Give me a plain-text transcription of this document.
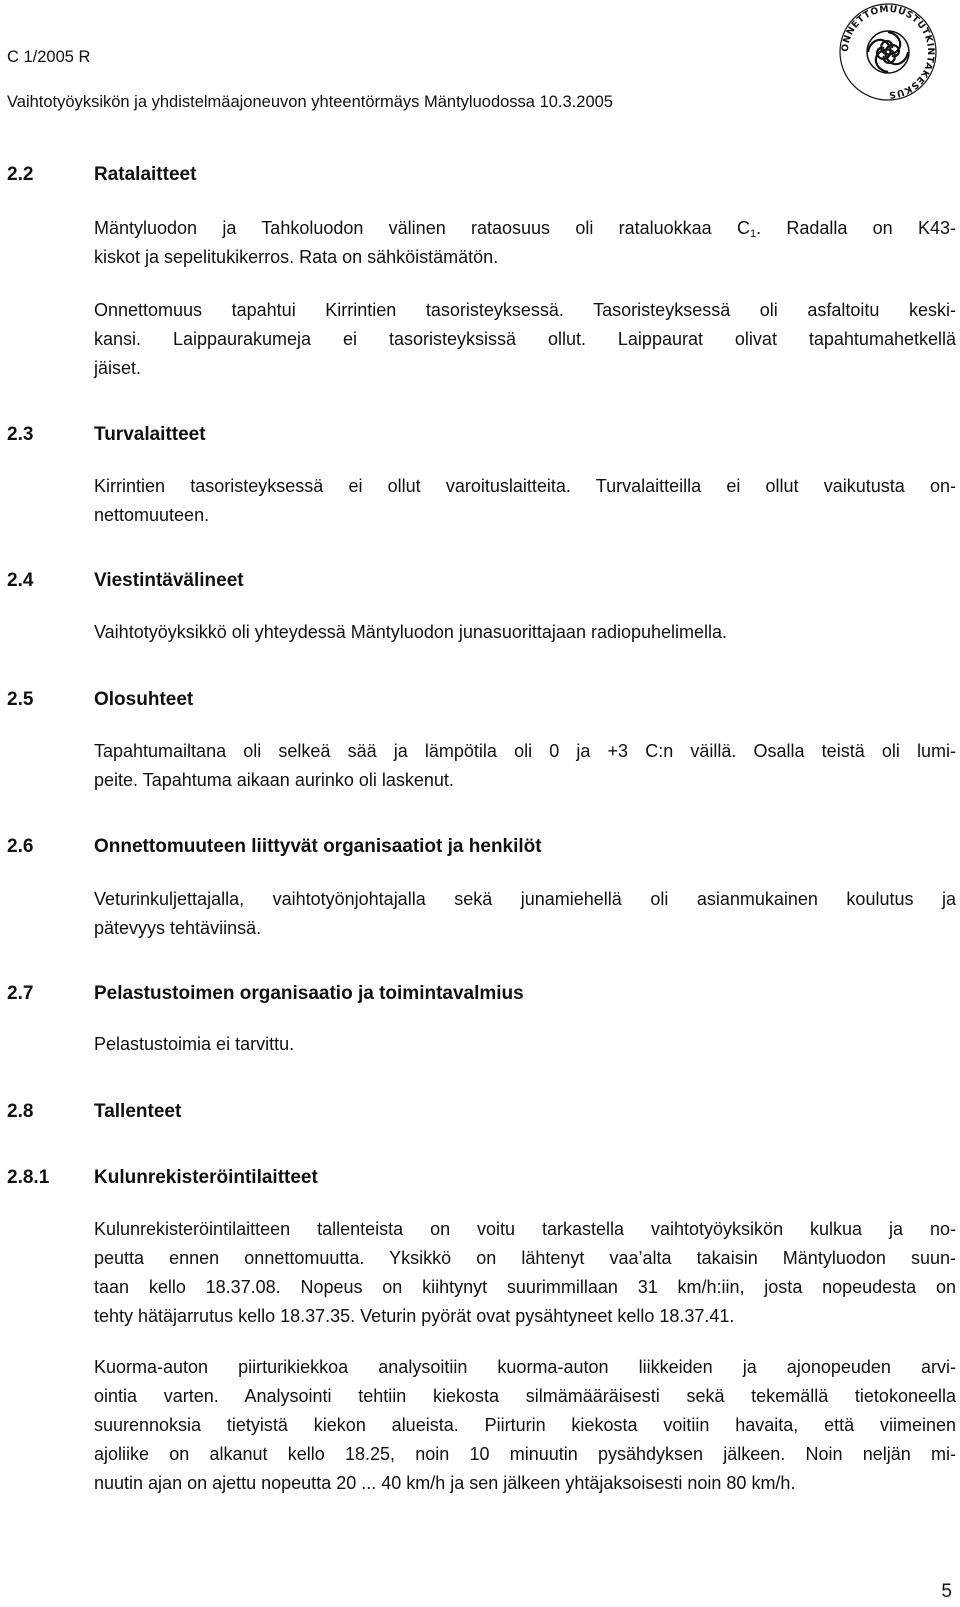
C 1/2005 R
Vaihtotyöyksikön ja yhdistelmäajoneuvon yhteentörmäys Mäntyluodossa 10.3.2005
ONNETTOMUUSTUTKINTAKESKUS
2.2	Ratalaitteet
Mäntyluodon ja Tahkoluodon välinen rataosuus oli rataluokkaa $C_1$. Radalla on K43-
kiskot ja sepelitukikerros. Rata on sähköistämätön.
Onnettomuus tapahtui Kirrintien tasoristeyksessä. Tasoristeyksessä oli asfaltoitu keski-
kansi. Laippaurakumeja ei tasoristeyksissä ollut. Laippaurat olivat tapahtumahetkellä
jäiset.
2.3	Turvalaitteet
Kirrintien tasoristeyksessä ei ollut varoituslaitteita. Turvalaitteilla ei ollut vaikutusta on-
nettomuuteen.
2.4	Viestintävälineet
Vaihtotyöyksikkö oli yhteydessä Mäntyluodon junasuorittajaan radiopuhelimella.
2.5	Olosuhteet
Tapahtumailtana oli selkeä sää ja lämpötila oli 0 ja +3 C:n väillä. Osalla teistä oli lumi-
peite. Tapahtuma aikaan aurinko oli laskenut.
2.6	Onnettomuuteen liittyvät organisaatiot ja henkilöt
Veturinkuljettajalla, vaihtotyönjohtajalla sekä junamiehellä oli asianmukainen koulutus ja
pätevyys tehtäviinsä.
2.7	Pelastustoimen organisaatio ja toimintavalmius
Pelastustoimia ei tarvittu.
2.8	Tallenteet
2.8.1 Kulunrekisteröintilaitteet
Kulunrekisteröintilaitteen tallenteista on voitu tarkastella vaihtotyöyksikön kulkua ja no-
peutta ennen onnettomuutta. Yksikkö on lähtenyt vaa’alta takaisin Mäntyluodon suun-
taan kello 18.37.08. Nopeus on kiihtynyt suurimmillaan 31 km/h:iin, josta nopeudesta on
tehty hätäjarrutus kello 18.37.35. Veturin pyörät ovat pysähtyneet kello 18.37.41.
Kuorma-auton piirturikiekkoa analysoitiin kuorma-auton liikkeiden ja ajonopeuden arvi-
ointia varten. Analysointi tehtiin kiekosta silmämääräisesti sekä tekemällä tietokoneella
suurennoksia tietyistä kiekon alueista. Piirturin kiekosta voitiin havaita, että viimeinen
ajoliike on alkanut kello 18.25, noin 10 minuutin pysähdyksen jälkeen. Noin neljän mi-
nuutin ajan on ajettu nopeutta 20 ... 40 km/h ja sen jälkeen yhtäjaksoisesti noin 80 km/h.
5
